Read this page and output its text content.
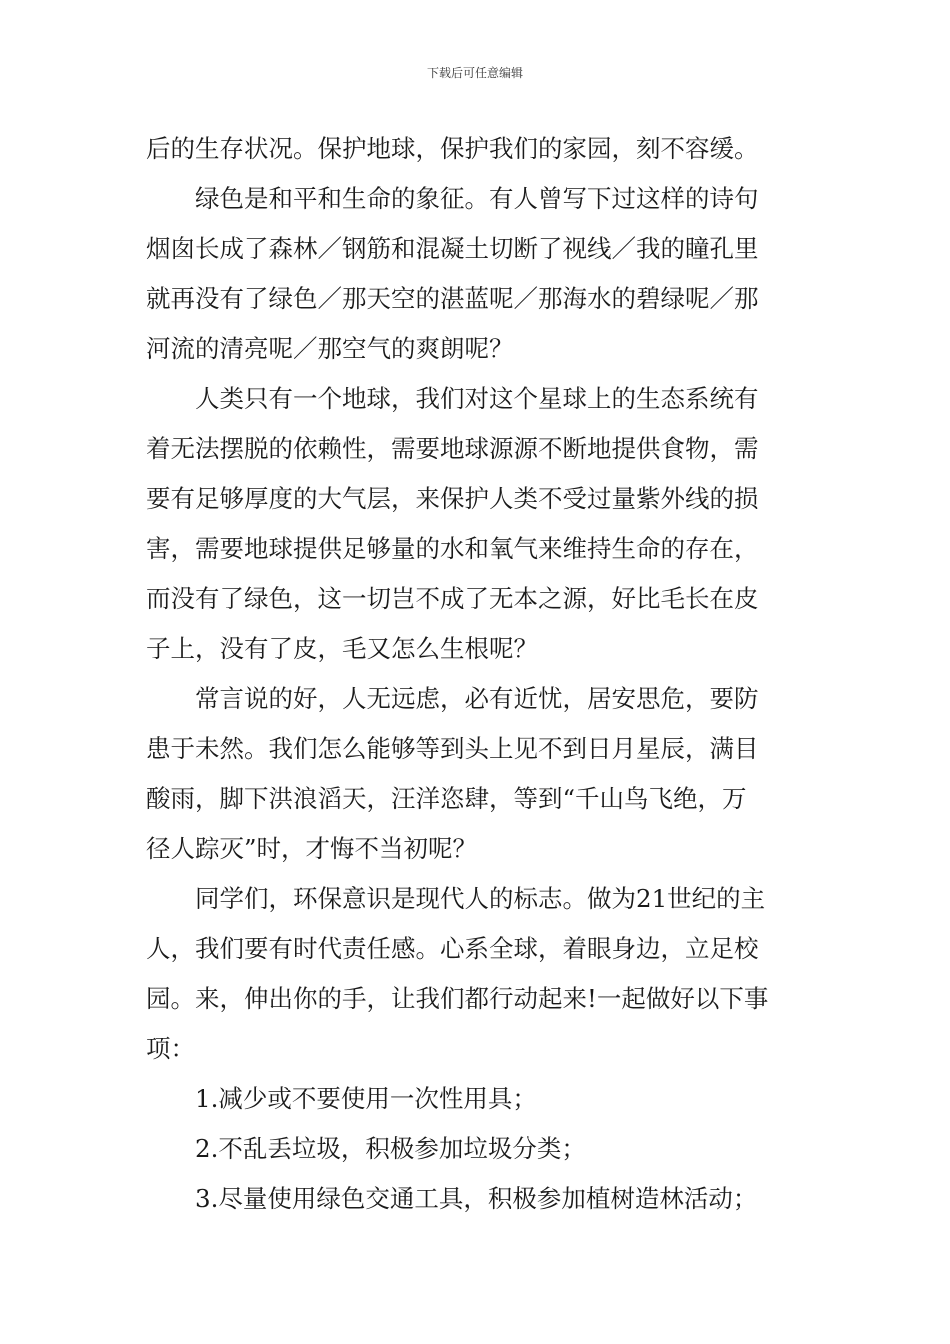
下载后可任意编辑

后的生存状况。保护地球，保护我们的家园，刻不容缓。

绿色是和平和生命的象征。有人曾写下过这样的诗句
烟囱长成了森林／钢筋和混凝土切断了视线／我的瞳孔里
就再没有了绿色／那天空的湛蓝呢／那海水的碧绿呢／那
河流的清亮呢／那空气的爽朗呢？

人类只有一个地球，我们对这个星球上的生态系统有
着无法摆脱的依赖性，需要地球源源不断地提供食物，需
要有足够厚度的大气层，来保护人类不受过量紫外线的损
害，需要地球提供足够量的水和氧气来维持生命的存在，
而没有了绿色，这一切岂不成了无本之源，好比毛长在皮
子上，没有了皮，毛又怎么生根呢？

常言说的好，人无远虑，必有近忧，居安思危，要防
患于未然。我们怎么能够等到头上见不到日月星辰，满目
酸雨，脚下洪浪滔天，汪洋恣肆，等到“千山鸟飞绝，万
径人踪灭”时，才悔不当初呢？

同学们，环保意识是现代人的标志。做为21世纪的主
人，我们要有时代责任感。心系全球，着眼身边，立足校
园。来，伸出你的手，让我们都行动起来!一起做好以下事
项：

1.减少或不要使用一次性用具；

2.不乱丢垃圾，积极参加垃圾分类；

3.尽量使用绿色交通工具，积极参加植树造林活动；
